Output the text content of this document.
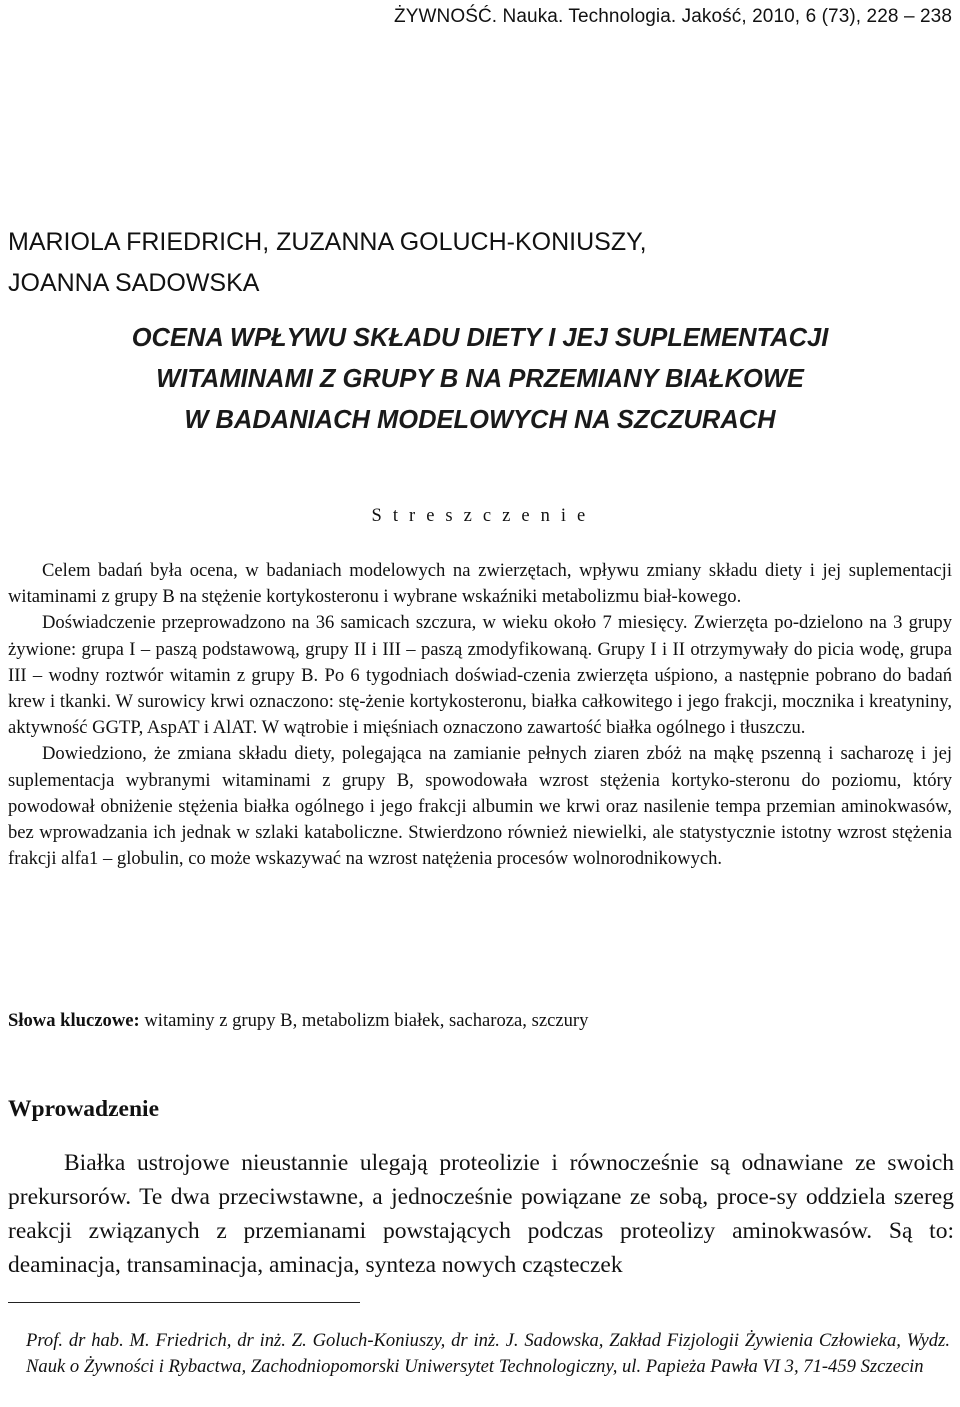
ŻYWNOŚĆ. Nauka. Technologia. Jakość, 2010, 6 (73), 228 – 238
MARIOLA FRIEDRICH, ZUZANNA GOLUCH-KONIUSZY,
JOANNA SADOWSKA
OCENA WPŁYWU SKŁADU DIETY I JEJ SUPLEMENTACJI
WITAMINAMI Z GRUPY B NA PRZEMIANY BIAŁKOWE
W BADANIACH MODELOWYCH NA SZCZURACH
S t r e s z c z e n i e

Celem badań była ocena, w badaniach modelowych na zwierzętach, wpływu zmiany składu diety i jej suplementacji witaminami z grupy B na stężenie kortykosteronu i wybrane wskaźniki metabolizmu biał-kowego.

Doświadczenie przeprowadzono na 36 samicach szczura, w wieku około 7 miesięcy. Zwierzęta po-dzielono na 3 grupy żywione: grupa I – paszą podstawową, grupy II i III – paszą zmodyfikowaną. Grupy I i II otrzymywały do picia wodę, grupa III – wodny roztwór witamin z grupy B. Po 6 tygodniach doświad-czenia zwierzęta uśpiono, a następnie pobrano do badań krew i tkanki. W surowicy krwi oznaczono: stę-żenie kortykosteronu, białka całkowitego i jego frakcji, mocznika i kreatyniny, aktywność GGTP, AspAT i AlAT. W wątrobie i mięśniach oznaczono zawartość białka ogólnego i tłuszczu.

Dowiedziono, że zmiana składu diety, polegająca na zamianie pełnych ziaren zbóż na mąkę pszenną i sacharozę i jej suplementacja wybranymi witaminami z grupy B, spowodowała wzrost stężenia kortyko-steronu do poziomu, który powodował obniżenie stężenia białka ogólnego i jego frakcji albumin we krwi oraz nasilenie tempa przemian aminokwasów, bez wprowadzania ich jednak w szlaki kataboliczne. Stwierdzono również niewielki, ale statystycznie istotny wzrost stężenia frakcji alfa1 – globulin, co może wskazywać na wzrost natężenia procesów wolnorodnikowych.

Słowa kluczowe: witaminy z grupy B, metabolizm białek, sacharoza, szczury
Wprowadzenie

Białka ustrojowe nieustannie ulegają proteolizie i równocześnie są odnawiane ze swoich prekursorów. Te dwa przeciwstawne, a jednocześnie powiązane ze sobą, proce-sy oddziela szereg reakcji związanych z przemianami powstających podczas proteolizy aminokwasów. Są to: deaminacja, transaminacja, aminacja, synteza nowych cząsteczek

Prof. dr hab. M. Friedrich, dr inż. Z. Goluch-Koniuszy, dr inż. J. Sadowska, Zakład Fizjologii Żywienia Człowieka, Wydz. Nauk o Żywności i Rybactwa, Zachodniopomorski Uniwersytet Technologiczny, ul. Papieża Pawła VI 3, 71-459 Szczecin
